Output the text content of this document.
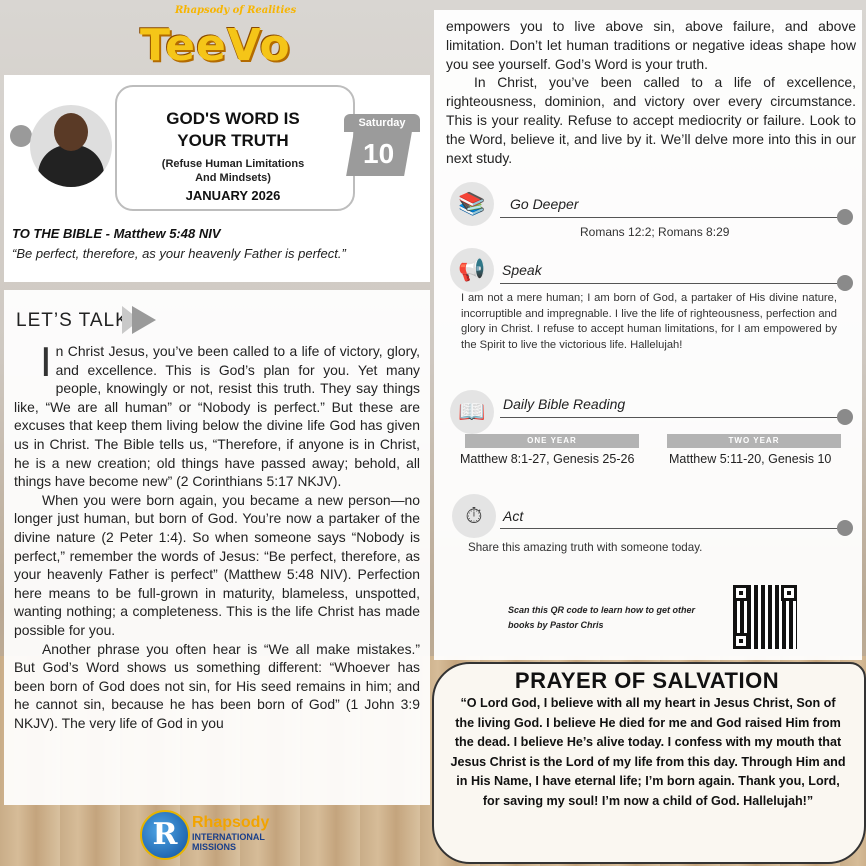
Rhapsody of Realities
TeeVo
GOD'S WORD IS
YOUR TRUTH
(Refuse Human Limitations
And Mindsets)
JANUARY 2026
Saturday
10
TO THE BIBLE - Matthew 5:48 NIV
“Be perfect, therefore, as your heavenly Father is perfect.”
LET’S TALK

In Christ Jesus, you’ve been called to a life of victory, glory, and excellence. This is God’s plan for you. Yet many people, knowingly or not, resist this truth. They say things like, “We are all human” or “Nobody is perfect.” But these are excuses that keep them living below the divine life God has given us in Christ. The Bible tells us, “Therefore, if anyone is in Christ, he is a new creation; old things have passed away; behold, all things have become new” (2 Corinthians 5:17 NKJV).

When you were born again, you became a new person—no longer just human, but born of God. You’re now a partaker of the divine nature (2 Peter 1:4). So when someone says “Nobody is perfect,” remember the words of Jesus: “Be perfect, therefore, as your heavenly Father is perfect” (Matthew 5:48 NIV). Perfection here means to be full-grown in maturity, blameless, unspotted, wanting nothing; a completeness. This is the life Christ has made possible for you.

Another phrase you often hear is “We all make mistakes.” But God’s Word shows us something different: “Whoever has been born of God does not sin, for His seed remains in him; and he cannot sin, because he has been born of God” (1 John 3:9 NKJV). The very life of God in you

empowers you to live above sin, above failure, and above limitation. Don’t let human traditions or negative ideas shape how you see yourself. God’s Word is your truth.

In Christ, you’ve been called to a life of excellence, righteousness, dominion, and victory over every circumstance. This is your reality. Refuse to accept mediocrity or failure. Look to the Word, believe it, and live by it. We’ll delve more into this in our next study.

📚	Go Deeper
Romans 12:2; Romans 8:29
📢	Speak
I am not a mere human; I am born of God, a partaker of His divine nature, incorruptible and impregnable. I live the life of righteousness, perfection and glory in Christ. I refuse to accept human limitations, for I am empowered by the Spirit to live the victorious life. Hallelujah!
📖	Daily Bible Reading
ONE YEAR	TWO YEAR
Matthew 8:1-27, Genesis 25-26	Matthew 5:11-20, Genesis 10
⏱	Act
Share this amazing truth with someone today.
Scan this QR code to learn how to get other
books by Pastor Chris
PRAYER OF SALVATION
“O Lord God, I believe with all my heart in Jesus Christ, Son of the living God. I believe He died for me and God raised Him from the dead. I believe He’s alive today. I confess with my mouth that Jesus Christ is the Lord of my life from this day. Through Him and in His Name, I have eternal life; I’m born again. Thank you, Lord, for saving my soul! I’m now a child of God. Hallelujah!”
R Rhapsody
INTERNATIONAL
MISSIONS
